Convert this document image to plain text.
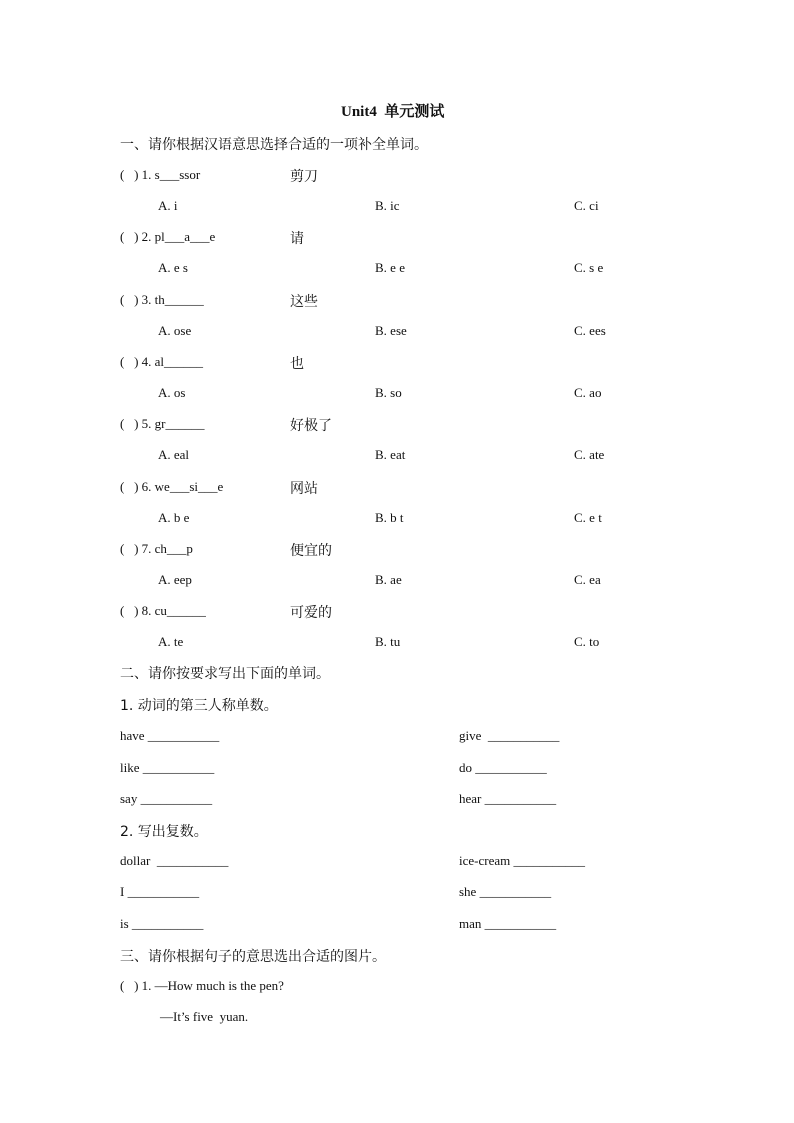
Unit4  单元测试
一、请你根据汉语意思选择合适的一项补全单词。
(   ) 1. s___ssor	剪刀
A. i	B. ic	C. ci
(   ) 2. pl___a___e	请
A. e s	B. e e	C. s e
(   ) 3. th______	这些
A. ose	B. ese	C. ees
(   ) 4. al______	也
A. os	B. so	C. ao
(   ) 5. gr______	好极了
A. eal	B. eat	C. ate
(   ) 6. we___si___e	网站
A. b e	B. b t	C. e t
(   ) 7. ch___p	便宜的
A. eep	B. ae	C. ea
(   ) 8. cu______	可爱的
A. te	B. tu	C. to
二、请你按要求写出下面的单词。
1. 动词的第三人称单数。
have ___________	give  ___________
like ___________	do ___________
say ___________	hear ___________
2. 写出复数。
dollar  ___________	ice-cream ___________
I ___________	she ___________
is ___________	man ___________
三、请你根据句子的意思选出合适的图片。
(   ) 1. —How much is the pen?
—It’s five  yuan.
